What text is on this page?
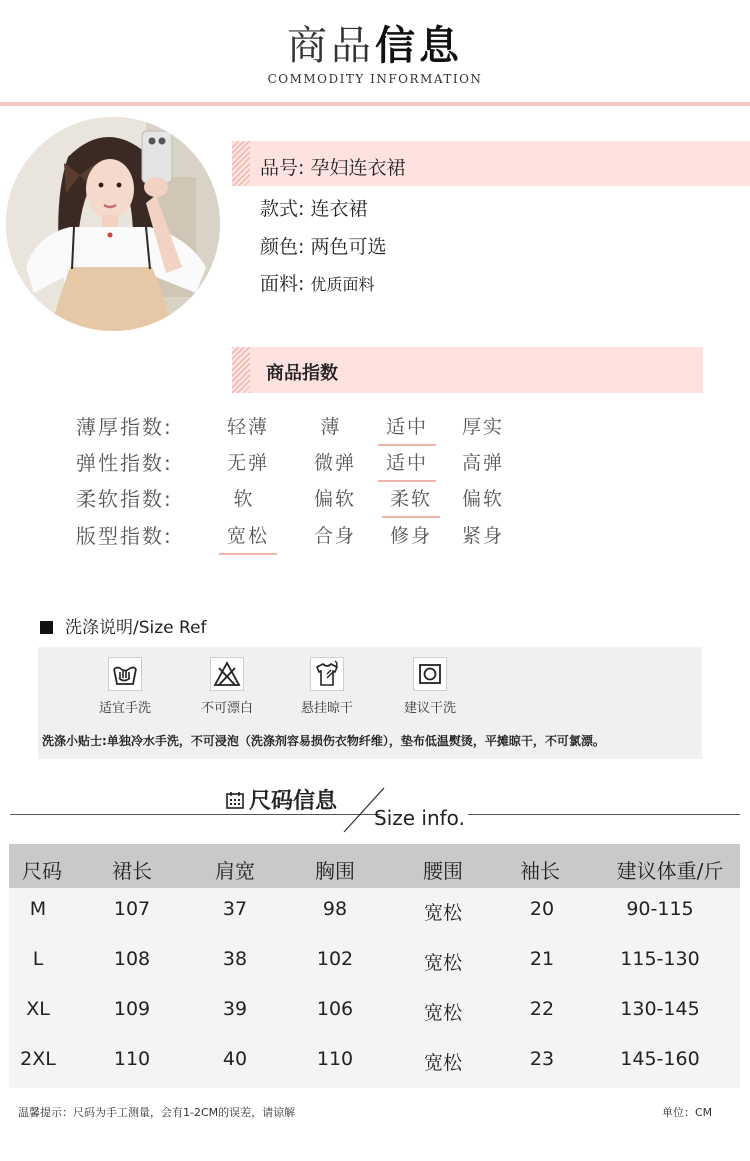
商品信息
COMMODITY INFORMATION
品号: 孕妇连衣裙
款式: 连衣裙
颜色: 两色可选
面料: 优质面料
商品指数
薄厚指数:	轻薄	薄	适中	厚实
弹性指数:	无弹	微弹	适中	高弹
柔软指数:	软	偏软	柔软	偏软
版型指数:	宽松	合身	修身	紧身
洗涤说明/Size Ref
适宜手洗	不可漂白	悬挂晾干	建议干洗
洗涤小贴士:单独冷水手洗，不可浸泡（洗涤剂容易损伤衣物纤维），垫布低温熨烫，平摊晾干，不可氯漂。
尺码信息
Size info.
尺码	裙长	肩宽	胸围	腰围	袖长	建议体重/斤
M	107	37	98	宽松	20	90-115
L	108	38	102	宽松	21	115-130
XL	109	39	106	宽松	22	130-145
2XL	110	40	110	宽松	23	145-160
温馨提示：尺码为手工测量，会有1-2CM的误差，请谅解	单位：CM
